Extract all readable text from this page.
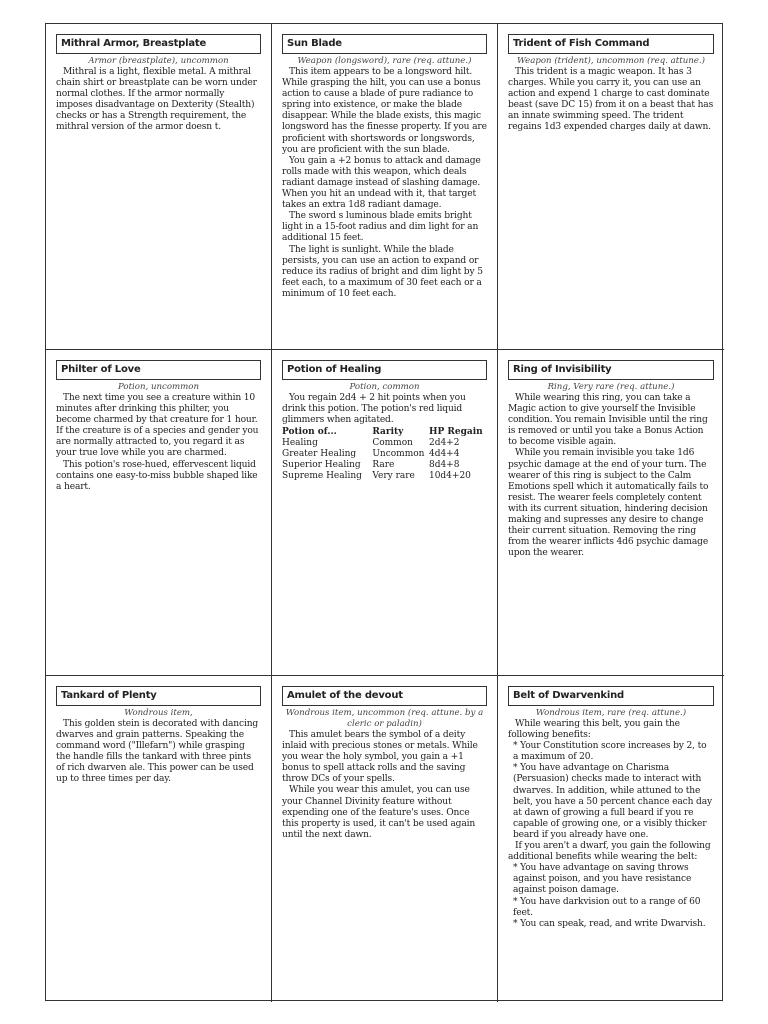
Mithral Armor, Breastplate
Armor (breastplate), uncommon

Mithral is a light, flexible metal. A mithral chain shirt or breastplate can be worn under normal clothes. If the armor normally imposes disadvantage on Dexterity (Stealth) checks or has a Strength requirement, the mithral version of the armor doesn t.

Sun Blade
Weapon (longsword), rare (req. attune.)

This item appears to be a longsword hilt. While grasping the hilt, you can use a bonus action to cause a blade of pure radiance to spring into existence, or make the blade disappear. While the blade exists, this magic longsword has the finesse property. If you are proficient with shortswords or longswords, you are proficient with the sun blade.

You gain a +2 bonus to attack and damage rolls made with this weapon, which deals radiant damage instead of slashing damage. When you hit an undead with it, that target takes an extra 1d8 radiant damage.

The sword s luminous blade emits bright light in a 15-foot radius and dim light for an additional 15 feet.

The light is sunlight. While the blade persists, you can use an action to expand or reduce its radius of bright and dim light by 5 feet each, to a maximum of 30 feet each or a minimum of 10 feet each.

Trident of Fish Command
Weapon (trident), uncommon (req. attune.)

This trident is a magic weapon. It has 3 charges. While you carry it, you can use an action and expend 1 charge to cast dominate beast (save DC 15) from it on a beast that has an innate swimming speed. The trident regains 1d3 expended charges daily at dawn.

Philter of Love
Potion, uncommon

The next time you see a creature within 10 minutes after drinking this philter, you become charmed by that creature for 1 hour. If the creature is of a species and gender you are normally attracted to, you regard it as your true love while you are charmed.

This potion's rose-hued, effervescent liquid contains one easy-to-miss bubble shaped like a heart.

Potion of Healing
Potion, common

You regain 2d4 + 2 hit points when you drink this potion. The potion's red liquid glimmers when agitated.

Potion of...	Rarity	HP Regain
Healing	Common	2d4+2
Greater Healing	Uncommon	4d4+4
Superior Healing	Rare	8d4+8
Supreme Healing	Very rare	10d4+20
Ring of Invisibility
Ring, Very rare (req. attune.)

While wearing this ring, you can take a Magic action to give yourself the Invisible condition. You remain Invisible until the ring is removed or until you take a Bonus Action to become visible again.

While you remain invisible you take 1d6 psychic damage at the end of your turn. The wearer of this ring is subject to the Calm Emotions spell which it automatically fails to resist. The wearer feels completely content with its current situation, hindering decision making and supresses any desire to change their current situation. Removing the ring from the wearer inflicts 4d6 psychic damage upon the wearer.

Tankard of Plenty
Wondrous item,

This golden stein is decorated with dancing dwarves and grain patterns. Speaking the command word ("Illefarn") while grasping the handle fills the tankard with three pints of rich dwarven ale. This power can be used up to three times per day.

Amulet of the devout
Wondrous item, uncommon (req. attune. by a cleric or paladin)

This amulet bears the symbol of a deity inlaid with precious stones or metals. While you wear the holy symbol, you gain a +1 bonus to spell attack rolls and the saving throw DCs of your spells.

While you wear this amulet, you can use your Channel Divinity feature without expending one of the feature's uses. Once this property is used, it can't be used again until the next dawn.

Belt of Dwarvenkind
Wondrous item, rare (req. attune.)

While wearing this belt, you gain the following benefits:

* Your Constitution score increases by 2, to a maximum of 20.

* You have advantage on Charisma (Persuasion) checks made to interact with dwarves. In addition, while attuned to the belt, you have a 50 percent chance each day at dawn of growing a full beard if you re capable of growing one, or a visibly thicker beard if you already have one.

If you aren't a dwarf, you gain the following additional benefits while wearing the belt:

* You have advantage on saving throws against poison, and you have resistance against poison damage.

* You have darkvision out to a range of 60 feet.

* You can speak, read, and write Dwarvish.
